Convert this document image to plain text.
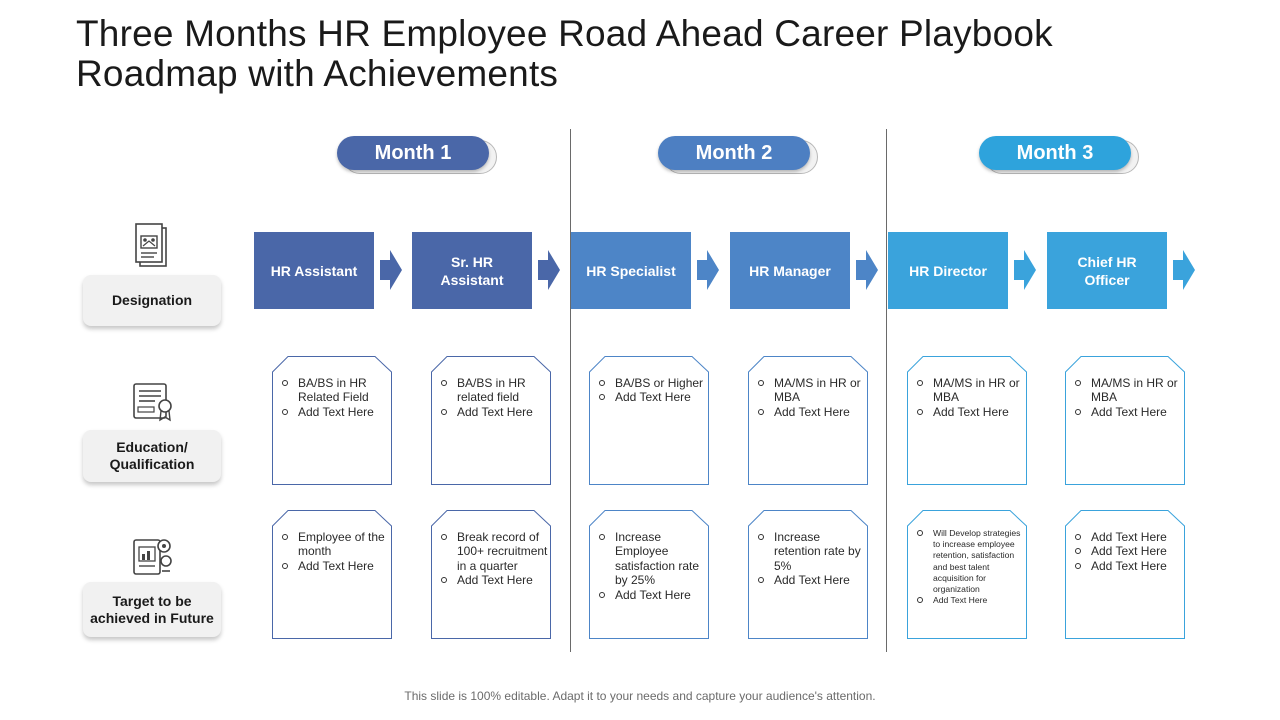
Three Months HR Employee Road Ahead Career Playbook Roadmap with Achievements
Month 1	Month 2	Month 3
Designation
Education/ Qualification
Target to be achieved in Future
HR Assistant
Sr. HR Assistant
HR Specialist	HR Manager	HR Director
Chief HR Officer
BA/BS in HR Related Field
Add Text Here
BA/BS in HR related field
Add Text Here
BA/BS or Higher
Add Text Here
MA/MS in HR or MBA
Add Text Here
MA/MS in HR or MBA
Add Text Here
MA/MS in HR or MBA
Add Text Here
Employee of the month
Add Text Here
Break record of 100+ recruitment in a quarter
Add Text Here
Increase Employee satisfaction rate by 25%
Add Text Here
Increase retention rate by 5%
Add Text Here
Will Develop strategies to increase employee retention, satisfaction and best talent acquisition for organization
Add Text Here
Add Text Here
Add Text Here
Add Text Here
This slide is 100% editable. Adapt it to your needs and capture your audience's attention.
